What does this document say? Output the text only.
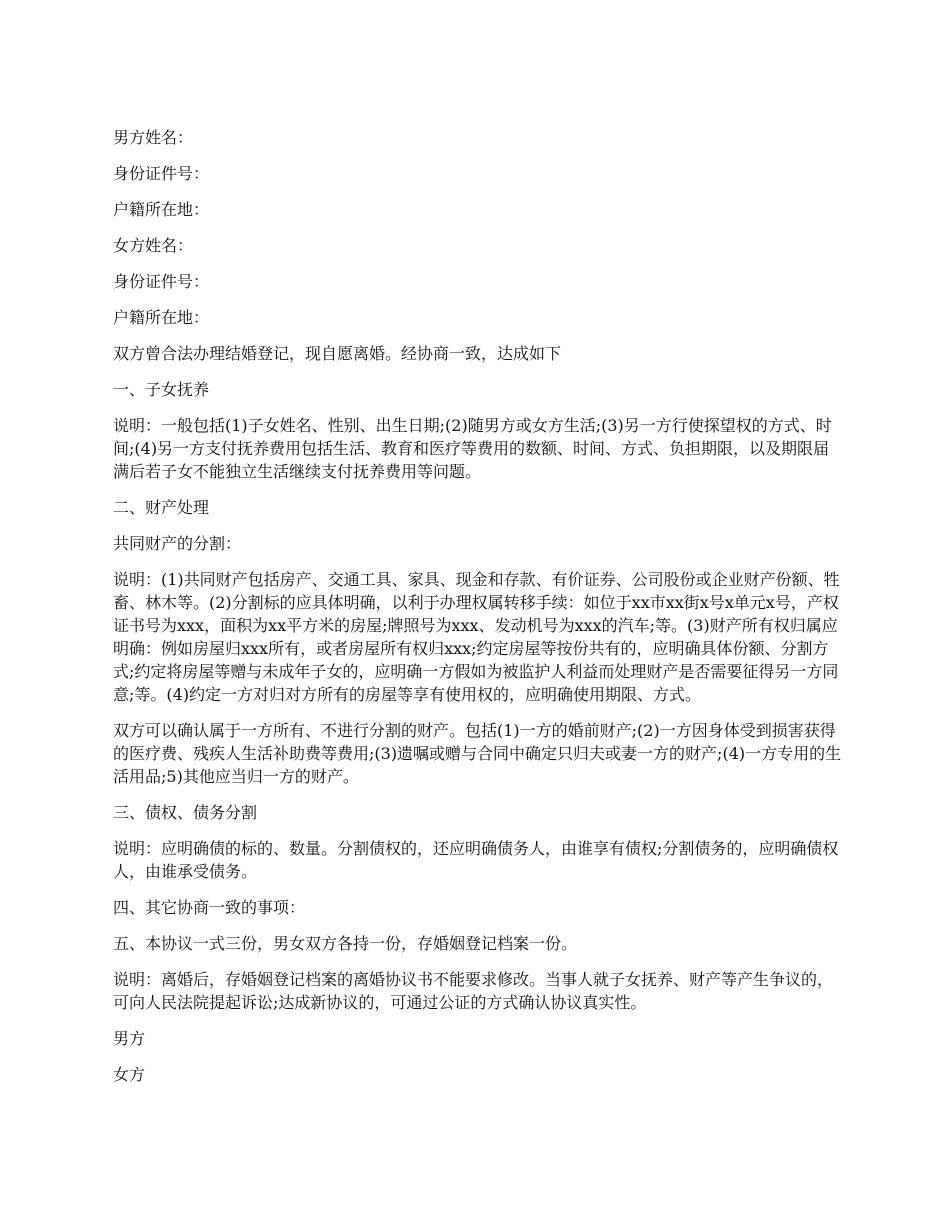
男方姓名：

身份证件号：

户籍所在地：

女方姓名：

身份证件号：

户籍所在地：

双方曾合法办理结婚登记，现自愿离婚。经协商一致，达成如下

一、子女抚养

说明：一般包括(1)子女姓名、性别、出生日期;(2)随男方或女方生活;(3)另一方行使探望权的方式、时间;(4)另一方支付抚养费用包括生活、教育和医疗等费用的数额、时间、方式、负担期限，以及期限届满后若子女不能独立生活继续支付抚养费用等问题。

二、财产处理

共同财产的分割：

说明：(1)共同财产包括房产、交通工具、家具、现金和存款、有价证券、公司股份或企业财产份额、牲畜、林木等。(2)分割标的应具体明确，以利于办理权属转移手续：如位于xx市xx街x号x单元x号，产权证书号为xxx，面积为xx平方米的房屋;牌照号为xxx、发动机号为xxx的汽车;等。(3)财产所有权归属应明确：例如房屋归xxx所有，或者房屋所有权归xxx;约定房屋等按份共有的，应明确具体份额、分割方式;约定将房屋等赠与未成年子女的，应明确一方假如为被监护人利益而处理财产是否需要征得另一方同意;等。(4)约定一方对归对方所有的房屋等享有使用权的，应明确使用期限、方式。

双方可以确认属于一方所有、不进行分割的财产。包括(1)一方的婚前财产;(2)一方因身体受到损害获得的医疗费、残疾人生活补助费等费用;(3)遗嘱或赠与合同中确定只归夫或妻一方的财产;(4)一方专用的生活用品;5)其他应当归一方的财产。

三、债权、债务分割

说明：应明确债的标的、数量。分割债权的，还应明确债务人，由谁享有债权;分割债务的，应明确债权人，由谁承受债务。

四、其它协商一致的事项：

五、本协议一式三份，男女双方各持一份，存婚姻登记档案一份。

说明：离婚后，存婚姻登记档案的离婚协议书不能要求修改。当事人就子女抚养、财产等产生争议的，可向人民法院提起诉讼;达成新协议的，可通过公证的方式确认协议真实性。

男方

女方
